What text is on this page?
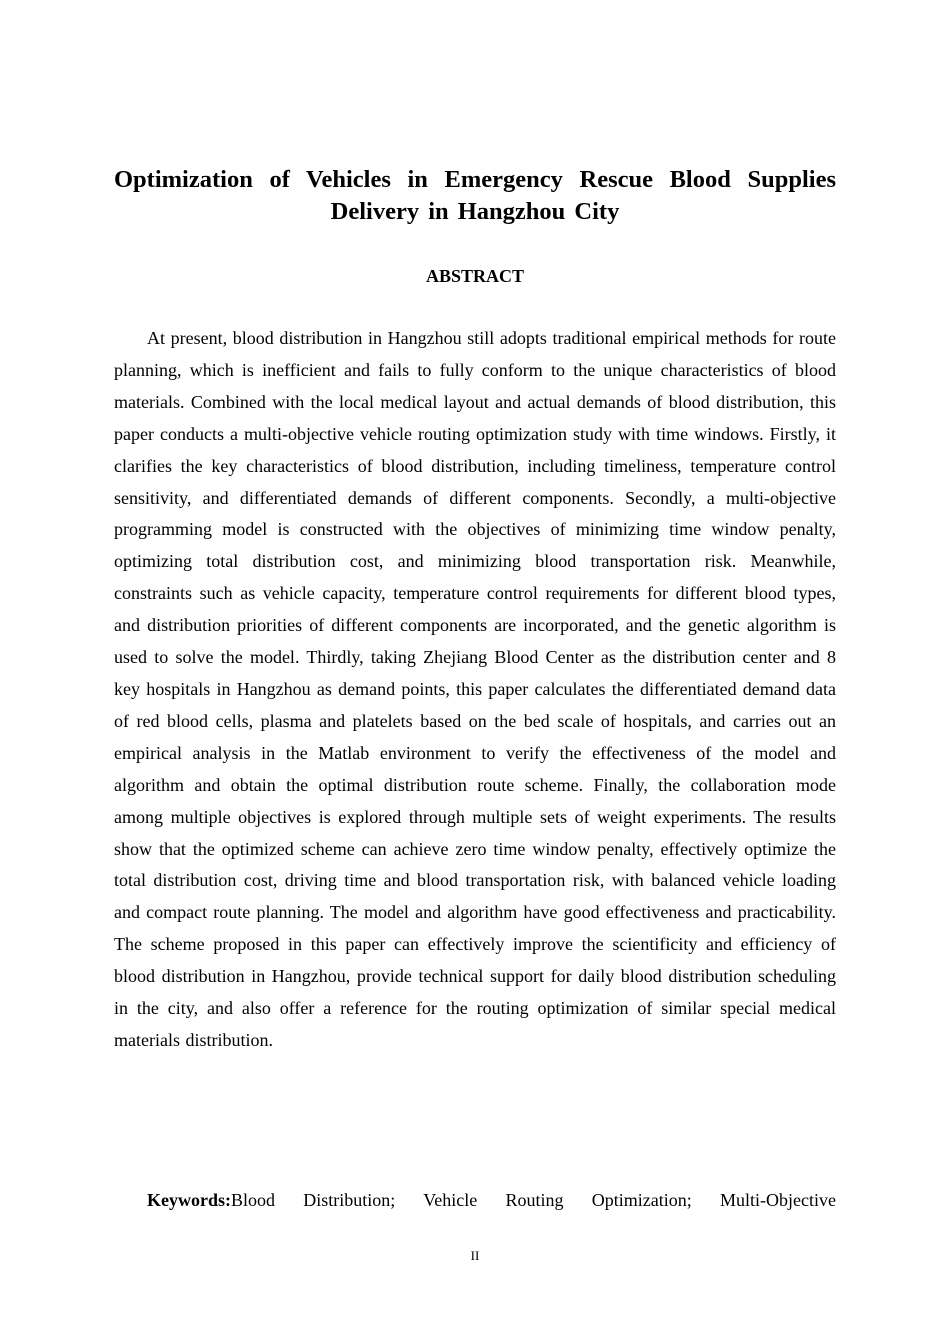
Optimization of Vehicles in Emergency Rescue Blood Supplies Delivery in Hangzhou City
ABSTRACT

At present, blood distribution in Hangzhou still adopts traditional empirical methods for route planning, which is inefficient and fails to fully conform to the unique characteristics of blood materials. Combined with the local medical layout and actual demands of blood distribution, this paper conducts a multi-objective vehicle routing optimization study with time windows. Firstly, it clarifies the key characteristics of blood distribution, including timeliness, temperature control sensitivity, and differentiated demands of different components. Secondly, a multi-objective programming model is constructed with the objectives of minimizing time window penalty, optimizing total distribution cost, and minimizing blood transportation risk. Meanwhile, constraints such as vehicle capacity, temperature control requirements for different blood types, and distribution priorities of different components are incorporated, and the genetic algorithm is used to solve the model. Thirdly, taking Zhejiang Blood Center as the distribution center and 8 key hospitals in Hangzhou as demand points, this paper calculates the differentiated demand data of red blood cells, plasma and platelets based on the bed scale of hospitals, and carries out an empirical analysis in the Matlab environment to verify the effectiveness of the model and algorithm and obtain the optimal distribution route scheme. Finally, the collaboration mode among multiple objectives is explored through multiple sets of weight experiments. The results show that the optimized scheme can achieve zero time window penalty, effectively optimize the total distribution cost, driving time and blood transportation risk, with balanced vehicle loading and compact route planning. The model and algorithm have good effectiveness and practicability. The scheme proposed in this paper can effectively improve the scientificity and efficiency of blood distribution in Hangzhou, provide technical support for daily blood distribution scheduling in the city, and also offer a reference for the routing optimization of similar special medical materials distribution.

Keywords:Blood Distribution; Vehicle Routing Optimization; Multi-Objective
II
